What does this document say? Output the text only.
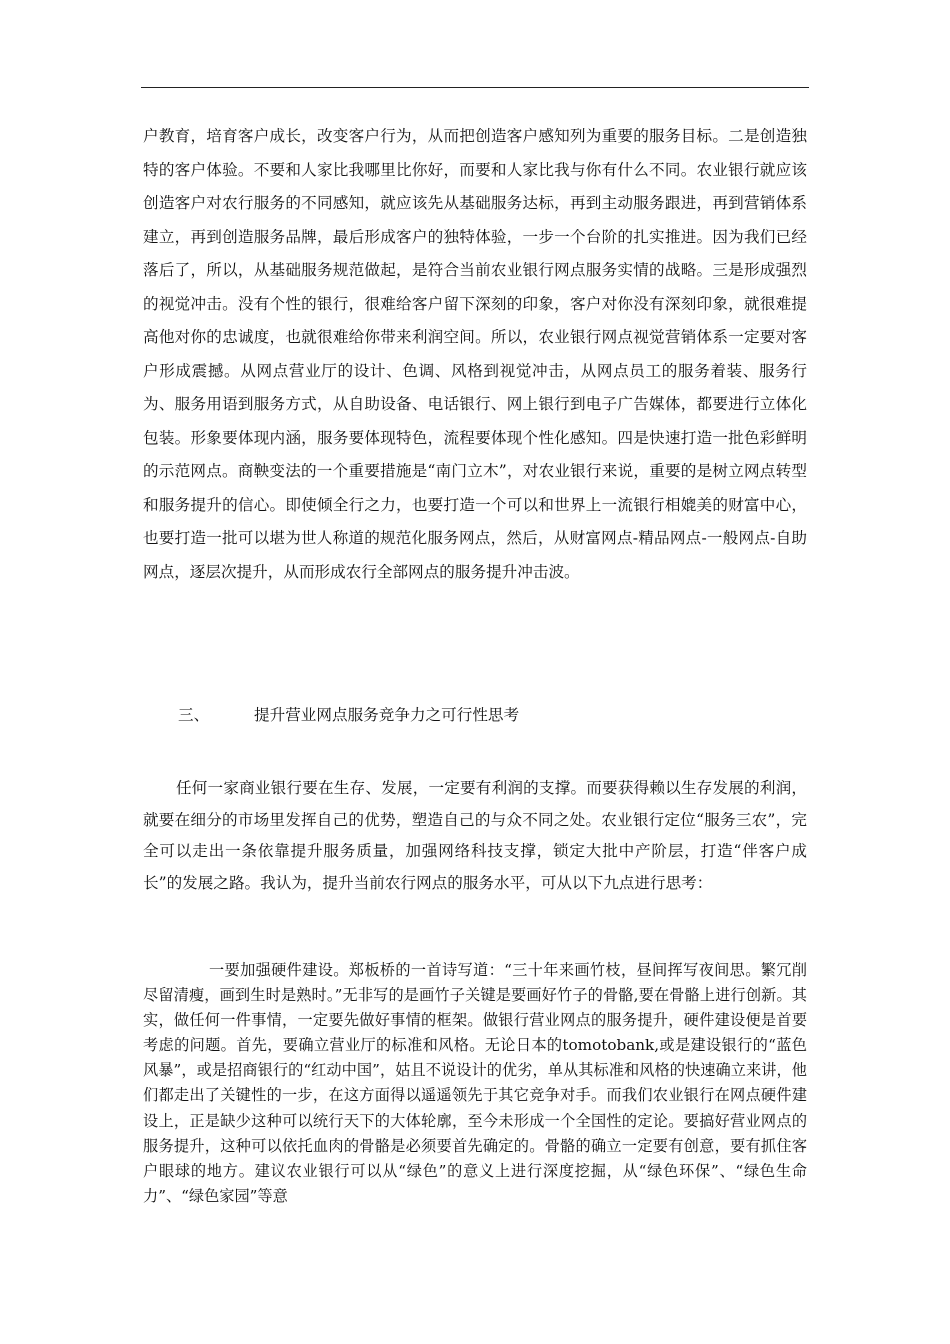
户教育，培育客户成长，改变客户行为，从而把创造客户感知列为重要的服务目标。二是创造独特的客户体验。不要和人家比我哪里比你好，而要和人家比我与你有什么不同。农业银行就应该创造客户对农行服务的不同感知，就应该先从基础服务达标，再到主动服务跟进，再到营销体系建立，再到创造服务品牌，最后形成客户的独特体验，一步一个台阶的扎实推进。因为我们已经落后了，所以，从基础服务规范做起，是符合当前农业银行网点服务实情的战略。三是形成强烈的视觉冲击。没有个性的银行，很难给客户留下深刻的印象，客户对你没有深刻印象，就很难提高他对你的忠诚度，也就很难给你带来利润空间。所以，农业银行网点视觉营销体系一定要对客户形成震撼。从网点营业厅的设计、色调、风格到视觉冲击，从网点员工的服务着装、服务行为、服务用语到服务方式，从自助设备、电话银行、网上银行到电子广告媒体，都要进行立体化包装。形象要体现内涵，服务要体现特色，流程要体现个性化感知。四是快速打造一批色彩鲜明的示范网点。商鞅变法的一个重要措施是“南门立木”，对农业银行来说，重要的是树立网点转型和服务提升的信心。即使倾全行之力，也要打造一个可以和世界上一流银行相媲美的财富中心，也要打造一批可以堪为世人称道的规范化服务网点，然后，从财富网点-精品网点-一般网点-自助网点，逐层次提升，从而形成农行全部网点的服务提升冲击波。

三、	提升营业网点服务竞争力之可行性思考

任何一家商业银行要在生存、发展，一定要有利润的支撑。而要获得赖以生存发展的利润，就要在细分的市场里发挥自己的优势，塑造自己的与众不同之处。农业银行定位“服务三农”，完全可以走出一条依靠提升服务质量，加强网络科技支撑，锁定大批中产阶层，打造“伴客户成长”的发展之路。我认为，提升当前农行网点的服务水平，可从以下九点进行思考：

一要加强硬件建设。郑板桥的一首诗写道：“三十年来画竹枝，昼间挥写夜间思。繁冗削尽留清瘦，画到生时是熟时。”无非写的是画竹子关键是要画好竹子的骨骼,要在骨骼上进行创新。其实，做任何一件事情，一定要先做好事情的框架。做银行营业网点的服务提升，硬件建设便是首要考虑的问题。首先，要确立营业厅的标准和风格。无论日本的tomotobank,或是建设银行的“蓝色风暴”，或是招商银行的“红动中国”，姑且不说设计的优劣，单从其标准和风格的快速确立来讲，他们都走出了关键性的一步，在这方面得以遥遥领先于其它竞争对手。而我们农业银行在网点硬件建设上，正是缺少这种可以统行天下的大体轮廓，至今未形成一个全国性的定论。要搞好营业网点的服务提升，这种可以依托血肉的骨骼是必须要首先确定的。骨骼的确立一定要有创意，要有抓住客户眼球的地方。建议农业银行可以从“绿色”的意义上进行深度挖掘，从“绿色环保”、“绿色生命力”、“绿色家园”等意
